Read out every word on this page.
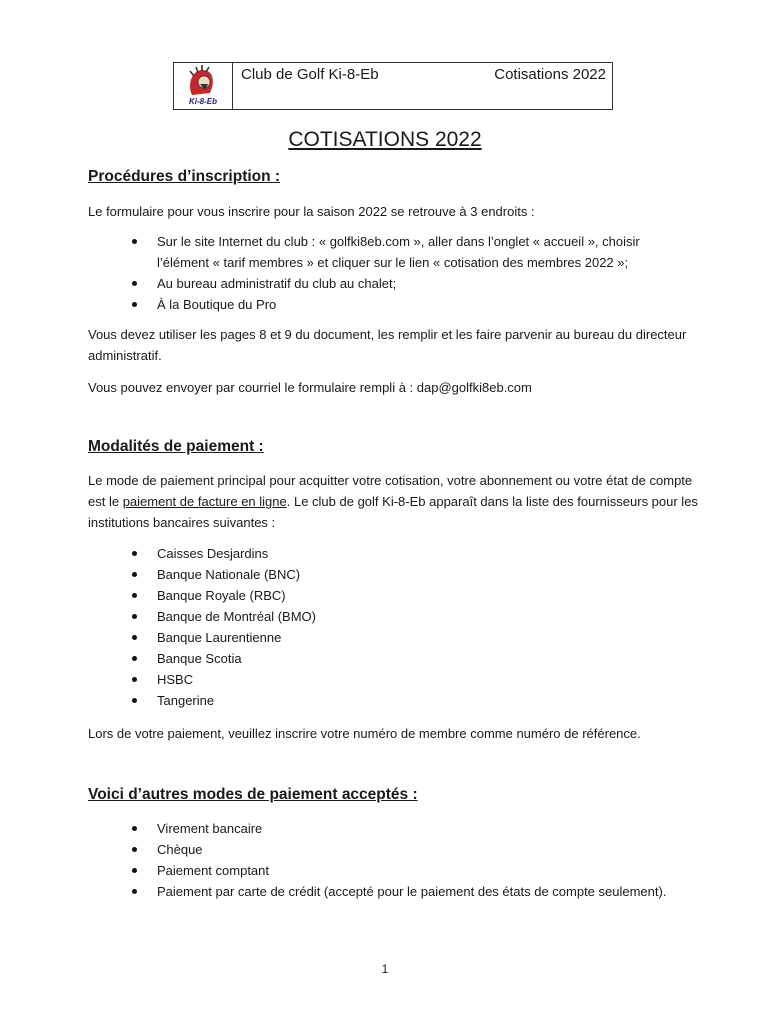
Ki-8-Eb
Club de Golf Ki-8-Eb	Cotisations 2022
COTISATIONS 2022
Procédures d’inscription :

Le formulaire pour vous inscrire pour la saison 2022 se retrouve à 3 endroits :

Sur le site Internet du club : « golfki8eb.com », aller dans l’onglet « accueil », choisir l’élément « tarif membres » et cliquer sur le lien « cotisation des membres 2022 »;
Au bureau administratif du club au chalet;
À la Boutique du Pro

Vous devez utiliser les pages 8 et 9 du document, les remplir et les faire parvenir au bureau du directeur administratif.

Vous pouvez envoyer par courriel le formulaire rempli à : dap@golfki8eb.com

Modalités de paiement :

Le mode de paiement principal pour acquitter votre cotisation, votre abonnement ou votre état de compte est le paiement de facture en ligne. Le club de golf Ki-8-Eb apparaît dans la liste des fournisseurs pour les institutions bancaires suivantes :

Caisses Desjardins
Banque Nationale (BNC)
Banque Royale (RBC)
Banque de Montréal (BMO)
Banque Laurentienne
Banque Scotia
HSBC
Tangerine

Lors de votre paiement, veuillez inscrire votre numéro de membre comme numéro de référence.

Voici d’autres modes de paiement acceptés :
Virement bancaire
Chèque
Paiement comptant
Paiement par carte de crédit (accepté pour le paiement des états de compte seulement).
1
